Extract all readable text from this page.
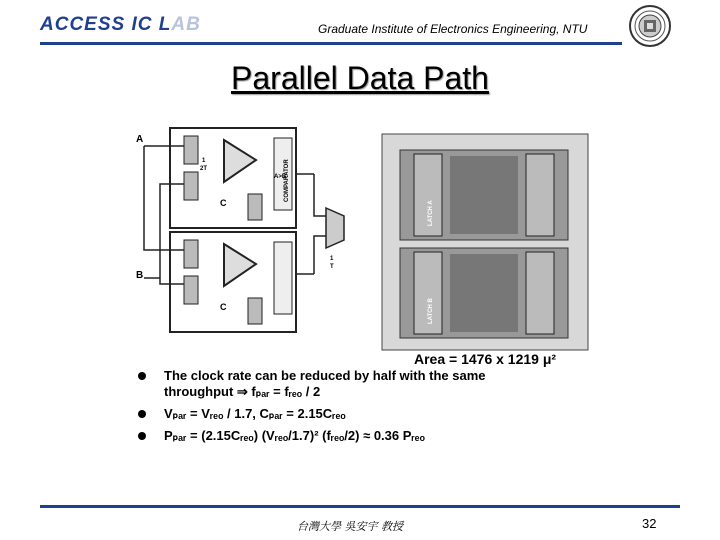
ACCESS IC LAB	Graduate Institute of Electronics Engineering, NTU
Parallel Data Path
COMPARATOR
A>B
A
1
2T
C
B
C
1
T
LATCH A
LATCH B
Area = 1476 x 1219 μ²
The clock rate can be reduced by half with the same
throughput ⇒ fₚₐᵣ = fᵣₑₒ / 2
Vₚₐᵣ = Vᵣₑₒ / 1.7, Cₚₐᵣ = 2.15Cᵣₑₒ
Pₚₐᵣ = (2.15Cᵣₑₒ) (Vᵣₑₒ/1.7)² (fᵣₑₒ/2) ≈ 0.36 Pᵣₑₒ
台灣大學 吳安宇 教授	32
